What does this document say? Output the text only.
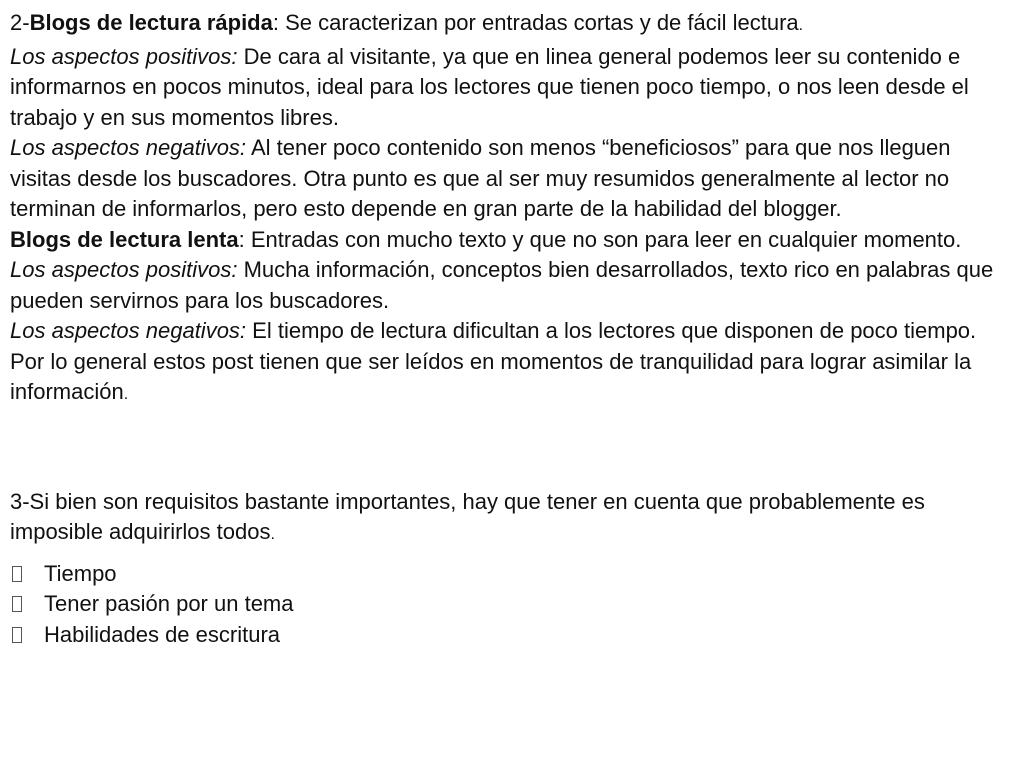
2-Blogs de lectura rápida: Se caracterizan por entradas cortas y de fácil lectura.

Los aspectos positivos: De cara al visitante, ya que en linea general podemos leer su contenido e informarnos en pocos minutos, ideal para los lectores que tienen poco tiempo, o nos leen desde el trabajo y en sus momentos libres.

Los aspectos negativos: Al tener poco contenido son menos “beneficiosos” para que nos lleguen visitas desde los buscadores. Otra punto es que al ser muy resumidos generalmente al lector no terminan de informarlos, pero esto depende en gran parte de la habilidad del blogger.

Blogs de lectura lenta: Entradas con mucho texto y que no son para leer en cualquier momento.

Los aspectos positivos: Mucha información, conceptos bien desarrollados, texto rico en palabras que pueden servirnos para los buscadores.

Los aspectos negativos: El tiempo de lectura dificultan a los lectores que disponen de poco tiempo. Por lo general estos post tienen que ser leídos en momentos de tranquilidad para lograr asimilar la información.

3-Si bien son requisitos bastante importantes, hay que tener en cuenta que probablemente es imposible adquirirlos todos.

Tiempo
Tener pasión por un tema
Habilidades de escritura
